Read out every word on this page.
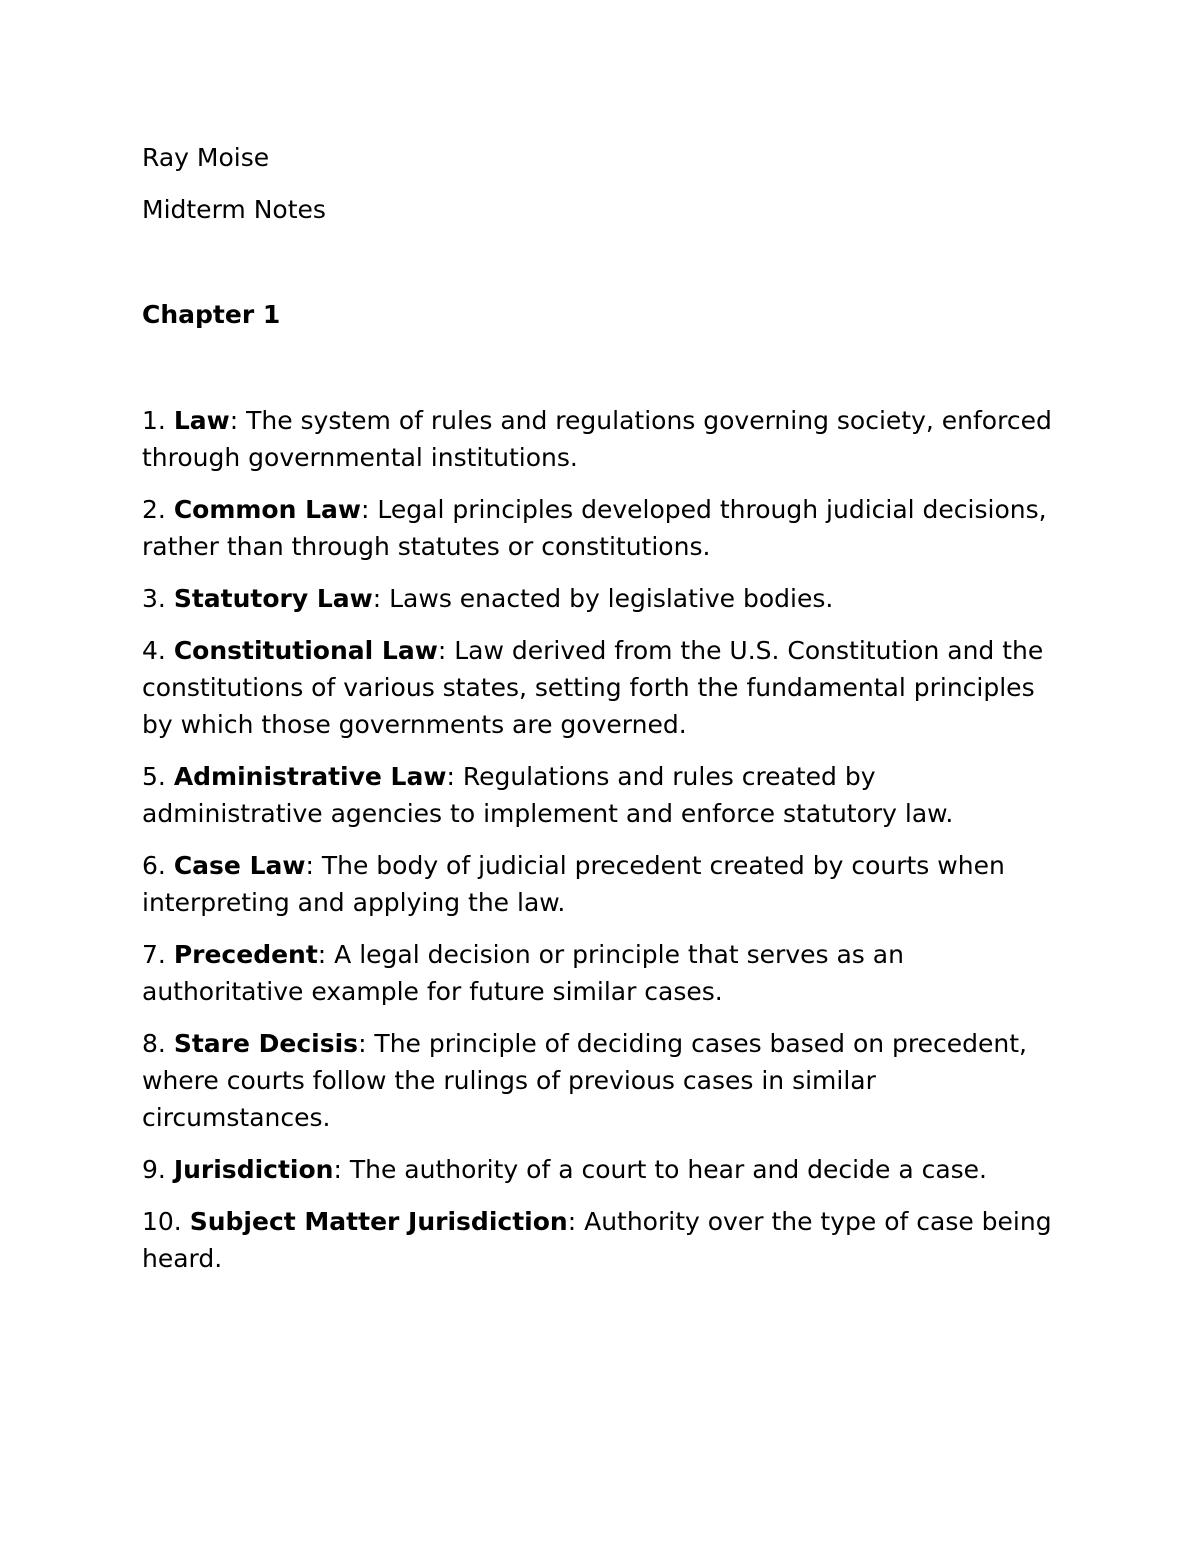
Ray Moise

Midterm Notes

Chapter 1

1. Law: The system of rules and regulations governing society, enforced through governmental institutions.
2. Common Law: Legal principles developed through judicial decisions, rather than through statutes or constitutions.
3. Statutory Law: Laws enacted by legislative bodies.
4. Constitutional Law: Law derived from the U.S. Constitution and the constitutions of various states, setting forth the fundamental principles by which those governments are governed.
5. Administrative Law: Regulations and rules created by administrative agencies to implement and enforce statutory law.
6. Case Law: The body of judicial precedent created by courts when interpreting and applying the law.
7. Precedent: A legal decision or principle that serves as an authoritative example for future similar cases.
8. Stare Decisis: The principle of deciding cases based on precedent, where courts follow the rulings of previous cases in similar circumstances.
9. Jurisdiction: The authority of a court to hear and decide a case.
10. Subject Matter Jurisdiction: Authority over the type of case being heard.
